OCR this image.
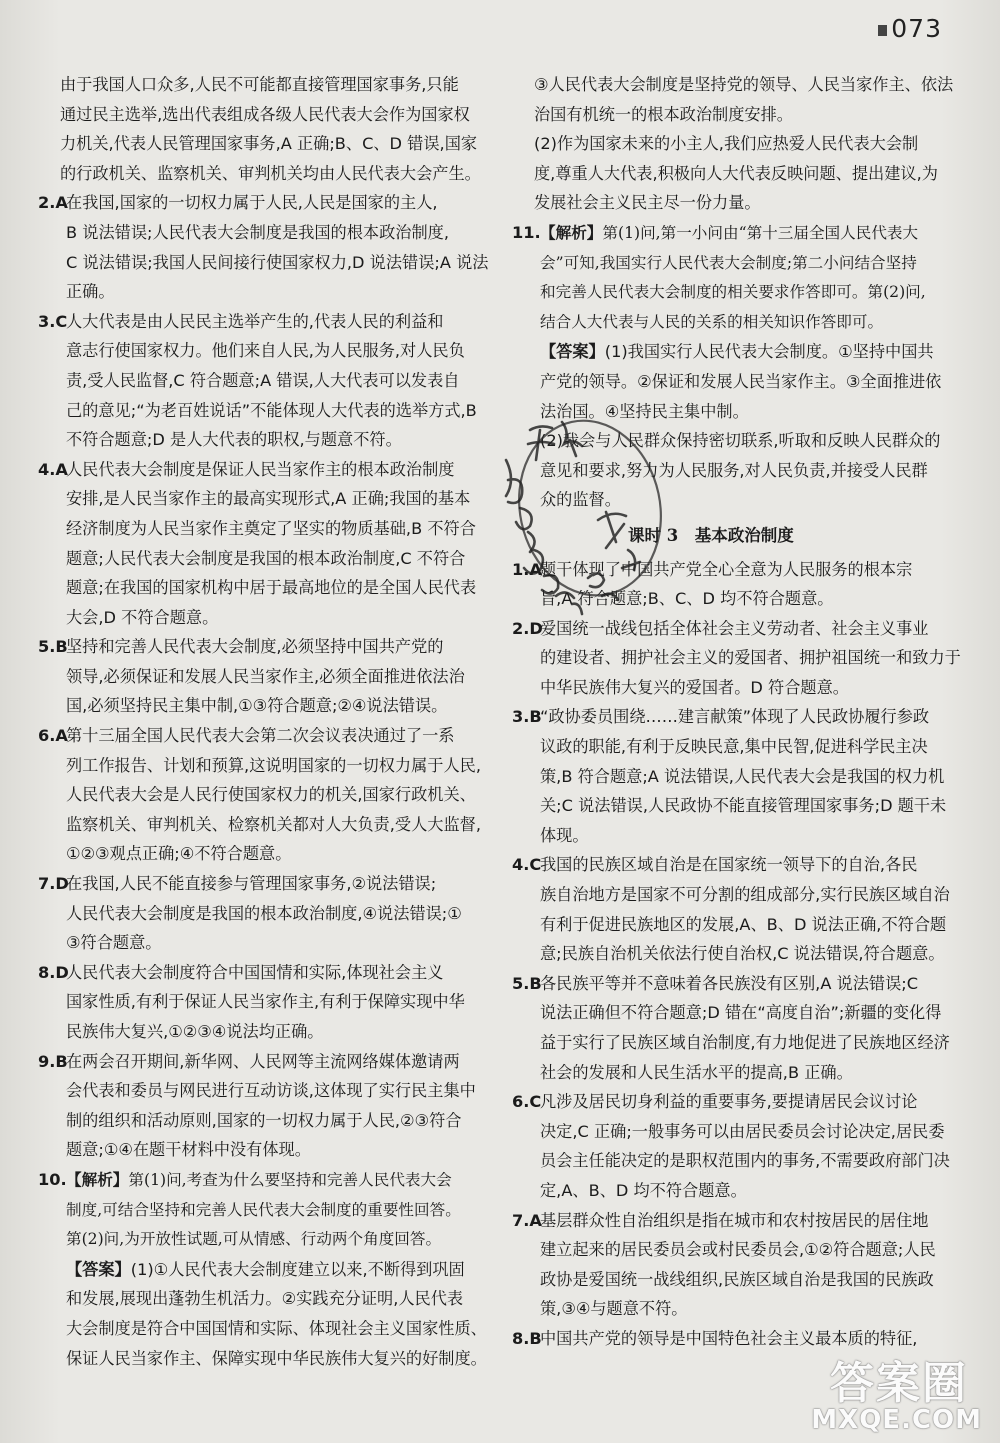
073
由于我国人口众多,人民不可能都直接管理国家事务,只能
通过民主选举,选出代表组成各级人民代表大会作为国家权
力机关,代表人民管理国家事务,A 正确;B、C、D 错误,国家
的行政机关、监察机关、审判机关均由人民代表大会产生。
2.A
在我国,国家的一切权力属于人民,人民是国家的主人,
B 说法错误;人民代表大会制度是我国的根本政治制度,
C 说法错误;我国人民间接行使国家权力,D 说法错误;A 说法
正确。
3.C
人大代表是由人民民主选举产生的,代表人民的利益和
意志行使国家权力。他们来自人民,为人民服务,对人民负
责,受人民监督,C 符合题意;A 错误,人大代表可以发表自
己的意见;“为老百姓说话”不能体现人大代表的选举方式,B
不符合题意;D 是人大代表的职权,与题意不符。
4.A
人民代表大会制度是保证人民当家作主的根本政治制度
安排,是人民当家作主的最高实现形式,A 正确;我国的基本
经济制度为人民当家作主奠定了坚实的物质基础,B 不符合
题意;人民代表大会制度是我国的根本政治制度,C 不符合
题意;在我国的国家机构中居于最高地位的是全国人民代表
大会,D 不符合题意。
5.B
坚持和完善人民代表大会制度,必须坚持中国共产党的
领导,必须保证和发展人民当家作主,必须全面推进依法治
国,必须坚持民主集中制,①③符合题意;②④说法错误。
6.A
第十三届全国人民代表大会第二次会议表决通过了一系
列工作报告、计划和预算,这说明国家的一切权力属于人民,
人民代表大会是人民行使国家权力的机关,国家行政机关、
监察机关、审判机关、检察机关都对人大负责,受人大监督,
①②③观点正确;④不符合题意。
7.D
在我国,人民不能直接参与管理国家事务,②说法错误;
人民代表大会制度是我国的根本政治制度,④说法错误;①
③符合题意。
8.D
人民代表大会制度符合中国国情和实际,体现社会主义
国家性质,有利于保证人民当家作主,有利于保障实现中华
民族伟大复兴,①②③④说法均正确。
9.B
在两会召开期间,新华网、人民网等主流网络媒体邀请两
会代表和委员与网民进行互动访谈,这体现了实行民主集中
制的组织和活动原则,国家的一切权力属于人民,②③符合
题意;①④在题干材料中没有体现。
10. 【解析】第(1)问,考查为什么要坚持和完善人民代表大会
制度,可结合坚持和完善人民代表大会制度的重要性回答。
第(2)问,为开放性试题,可从情感、行动两个角度回答。
【答案】(1)①人民代表大会制度建立以来,不断得到巩固
和发展,展现出蓬勃生机活力。②实践充分证明,人民代表
大会制度是符合中国国情和实际、体现社会主义国家性质、
保证人民当家作主、保障实现中华民族伟大复兴的好制度。
③人民代表大会制度是坚持党的领导、人民当家作主、依法
治国有机统一的根本政治制度安排。
(2)作为国家未来的小主人,我们应热爱人民代表大会制
度,尊重人大代表,积极向人大代表反映问题、提出建议,为
发展社会主义民主尽一份力量。
11. 【解析】第(1)问,第一小问由“第十三届全国人民代表大
会”可知,我国实行人民代表大会制度;第二小问结合坚持
和完善人民代表大会制度的相关要求作答即可。第(2)问,
结合人大代表与人民的关系的相关知识作答即可。
【答案】(1)我国实行人民代表大会制度。①坚持中国共
产党的领导。②保证和发展人民当家作主。③全面推进依
法治国。④坚持民主集中制。
(2)我会与人民群众保持密切联系,听取和反映人民群众的
意见和要求,努力为人民服务,对人民负责,并接受人民群
众的监督。
课时 3　基本政治制度
1.A
题干体现了中国共产党全心全意为人民服务的根本宗
旨,A 符合题意;B、C、D 均不符合题意。
2.D
爱国统一战线包括全体社会主义劳动者、社会主义事业
的建设者、拥护社会主义的爱国者、拥护祖国统一和致力于
中华民族伟大复兴的爱国者。D 符合题意。
3.B
“政协委员围绕……建言献策”体现了人民政协履行参政
议政的职能,有利于反映民意,集中民智,促进科学民主决
策,B 符合题意;A 说法错误,人民代表大会是我国的权力机
关;C 说法错误,人民政协不能直接管理国家事务;D 题干未
体现。
4.C
我国的民族区域自治是在国家统一领导下的自治,各民
族自治地方是国家不可分割的组成部分,实行民族区域自治
有利于促进民族地区的发展,A、B、D 说法正确,不符合题
意;民族自治机关依法行使自治权,C 说法错误,符合题意。
5.B
各民族平等并不意味着各民族没有区别,A 说法错误;C
说法正确但不符合题意;D 错在“高度自治”;新疆的变化得
益于实行了民族区域自治制度,有力地促进了民族地区经济
社会的发展和人民生活水平的提高,B 正确。
6.C
凡涉及居民切身利益的重要事务,要提请居民会议讨论
决定,C 正确;一般事务可以由居民委员会讨论决定,居民委
员会主任能决定的是职权范围内的事务,不需要政府部门决
定,A、B、D 均不符合题意。
7.A
基层群众性自治组织是指在城市和农村按居民的居住地
建立起来的居民委员会或村民委员会,①②符合题意;人民
政协是爱国统一战线组织,民族区域自治是我国的民族政
策,③④与题意不符。
8.B
中国共产党的领导是中国特色社会主义最本质的特征,
答案圈
MXQE.COM
